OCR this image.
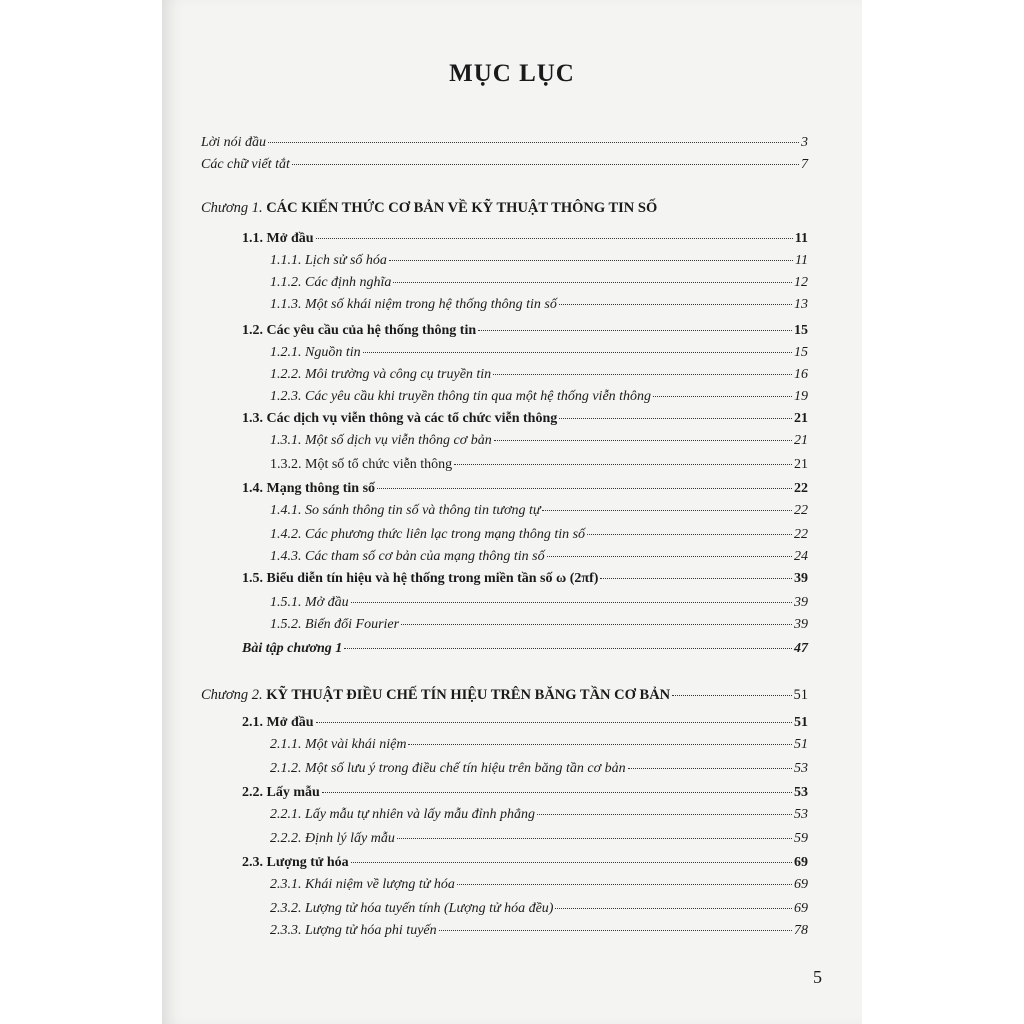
MỤC LỤC
Lời nói đầu	3
Các chữ viết tắt	7
Chương 1. CÁC KIẾN THỨC CƠ BẢN VỀ KỸ THUẬT THÔNG TIN SỐ
1.1. Mở đầu	11
1.1.1. Lịch sử số hóa	11
1.1.2. Các định nghĩa	12
1.1.3. Một số khái niệm trong hệ thống thông tin số	13
1.2. Các yêu cầu của hệ thống thông tin	15
1.2.1. Nguồn tin	15
1.2.2. Môi trường và công cụ truyền tin	16
1.2.3. Các yêu cầu khi truyền thông tin qua một hệ thống viễn thông	19
1.3. Các dịch vụ viễn thông và các tổ chức viễn thông	21
1.3.1. Một số dịch vụ viễn thông cơ bản	21
1.3.2. Một số tổ chức viễn thông	21
1.4. Mạng thông tin số	22
1.4.1. So sánh thông tin số và thông tin tương tự	22
1.4.2. Các phương thức liên lạc trong mạng thông tin số	22
1.4.3. Các tham số cơ bản của mạng thông tin số	24
1.5. Biểu diễn tín hiệu và hệ thống trong miền tần số ω (2πf)	39
1.5.1. Mở đầu	39
1.5.2. Biến đổi Fourier	39
Bài tập chương 1	47
Chương 2. KỸ THUẬT ĐIỀU CHẾ TÍN HIỆU TRÊN BĂNG TẦN CƠ BẢN	51
2.1. Mở đầu	51
2.1.1. Một vài khái niệm	51
2.1.2. Một số lưu ý trong điều chế tín hiệu trên băng tần cơ bản	53
2.2. Lấy mẫu	53
2.2.1. Lấy mẫu tự nhiên và lấy mẫu đỉnh phẳng	53
2.2.2. Định lý lấy mẫu	59
2.3. Lượng tử hóa	69
2.3.1. Khái niệm về lượng tử hóa	69
2.3.2. Lượng tử hóa tuyến tính (Lượng tử hóa đều)	69
2.3.3. Lượng tử hóa phi tuyến	78
5
